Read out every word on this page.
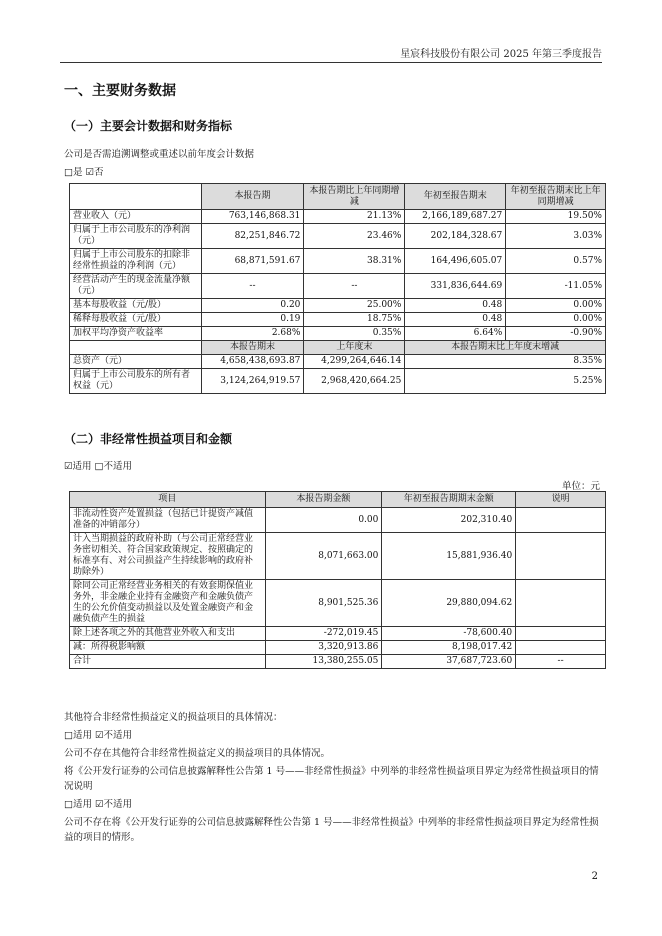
星宸科技股份有限公司 2025 年第三季度报告
一、主要财务数据
（一）主要会计数据和财务指标
公司是否需追溯调整或重述以前年度会计数据
□是 ☑否
	本报告期	本报告期比上年同期增减	年初至报告期末	年初至报告期末比上年同期增减
营业收入（元）	763,146,868.31	21.13%	2,166,189,687.27	19.50%
归属于上市公司股东的净利润（元）	82,251,846.72	23.46%	202,184,328.67	3.03%
归属于上市公司股东的扣除非经常性损益的净利润（元）	68,871,591.67	38.31%	164,496,605.07	0.57%
经营活动产生的现金流量净额（元）	--	--	331,836,644.69	-11.05%
基本每股收益（元/股）	0.20	25.00%	0.48	0.00%
稀释每股收益（元/股）	0.19	18.75%	0.48	0.00%
加权平均净资产收益率	2.68%	0.35%	6.64%	-0.90%
	本报告期末	上年度末	本报告期末比上年度末增减	
总资产（元）	4,658,438,693.87	4,299,264,646.14	8.35%	
归属于上市公司股东的所有者权益（元）	3,124,264,919.57	2,968,420,664.25	5.25%	
（二）非经常性损益项目和金额
☑适用 □不适用
单位：元
项目	本报告期金额	年初至报告期期末金额	说明
非流动性资产处置损益（包括已计提资产减值准备的冲销部分）	0.00	202,310.40	
计入当期损益的政府补助（与公司正常经营业务密切相关、符合国家政策规定、按照确定的标准享有、对公司损益产生持续影响的政府补助除外）	8,071,663.00	15,881,936.40	
除同公司正常经营业务相关的有效套期保值业务外，非金融企业持有金融资产和金融负债产生的公允价值变动损益以及处置金融资产和金融负债产生的损益	8,901,525.36	29,880,094.62	
除上述各项之外的其他营业外收入和支出	-272,019.45	-78,600.40	
减：所得税影响额	3,320,913.86	8,198,017.42	
合计	13,380,255.05	37,687,723.60	--
其他符合非经常性损益定义的损益项目的具体情况：
□适用 ☑不适用
公司不存在其他符合非经常性损益定义的损益项目的具体情况。
将《公开发行证券的公司信息披露解释性公告第 1 号——非经常性损益》中列举的非经常性损益项目界定为经常性损益项目的情况说明
□适用 ☑不适用
公司不存在将《公开发行证券的公司信息披露解释性公告第 1 号——非经常性损益》中列举的非经常性损益项目界定为经常性损益的项目的情形。
2
